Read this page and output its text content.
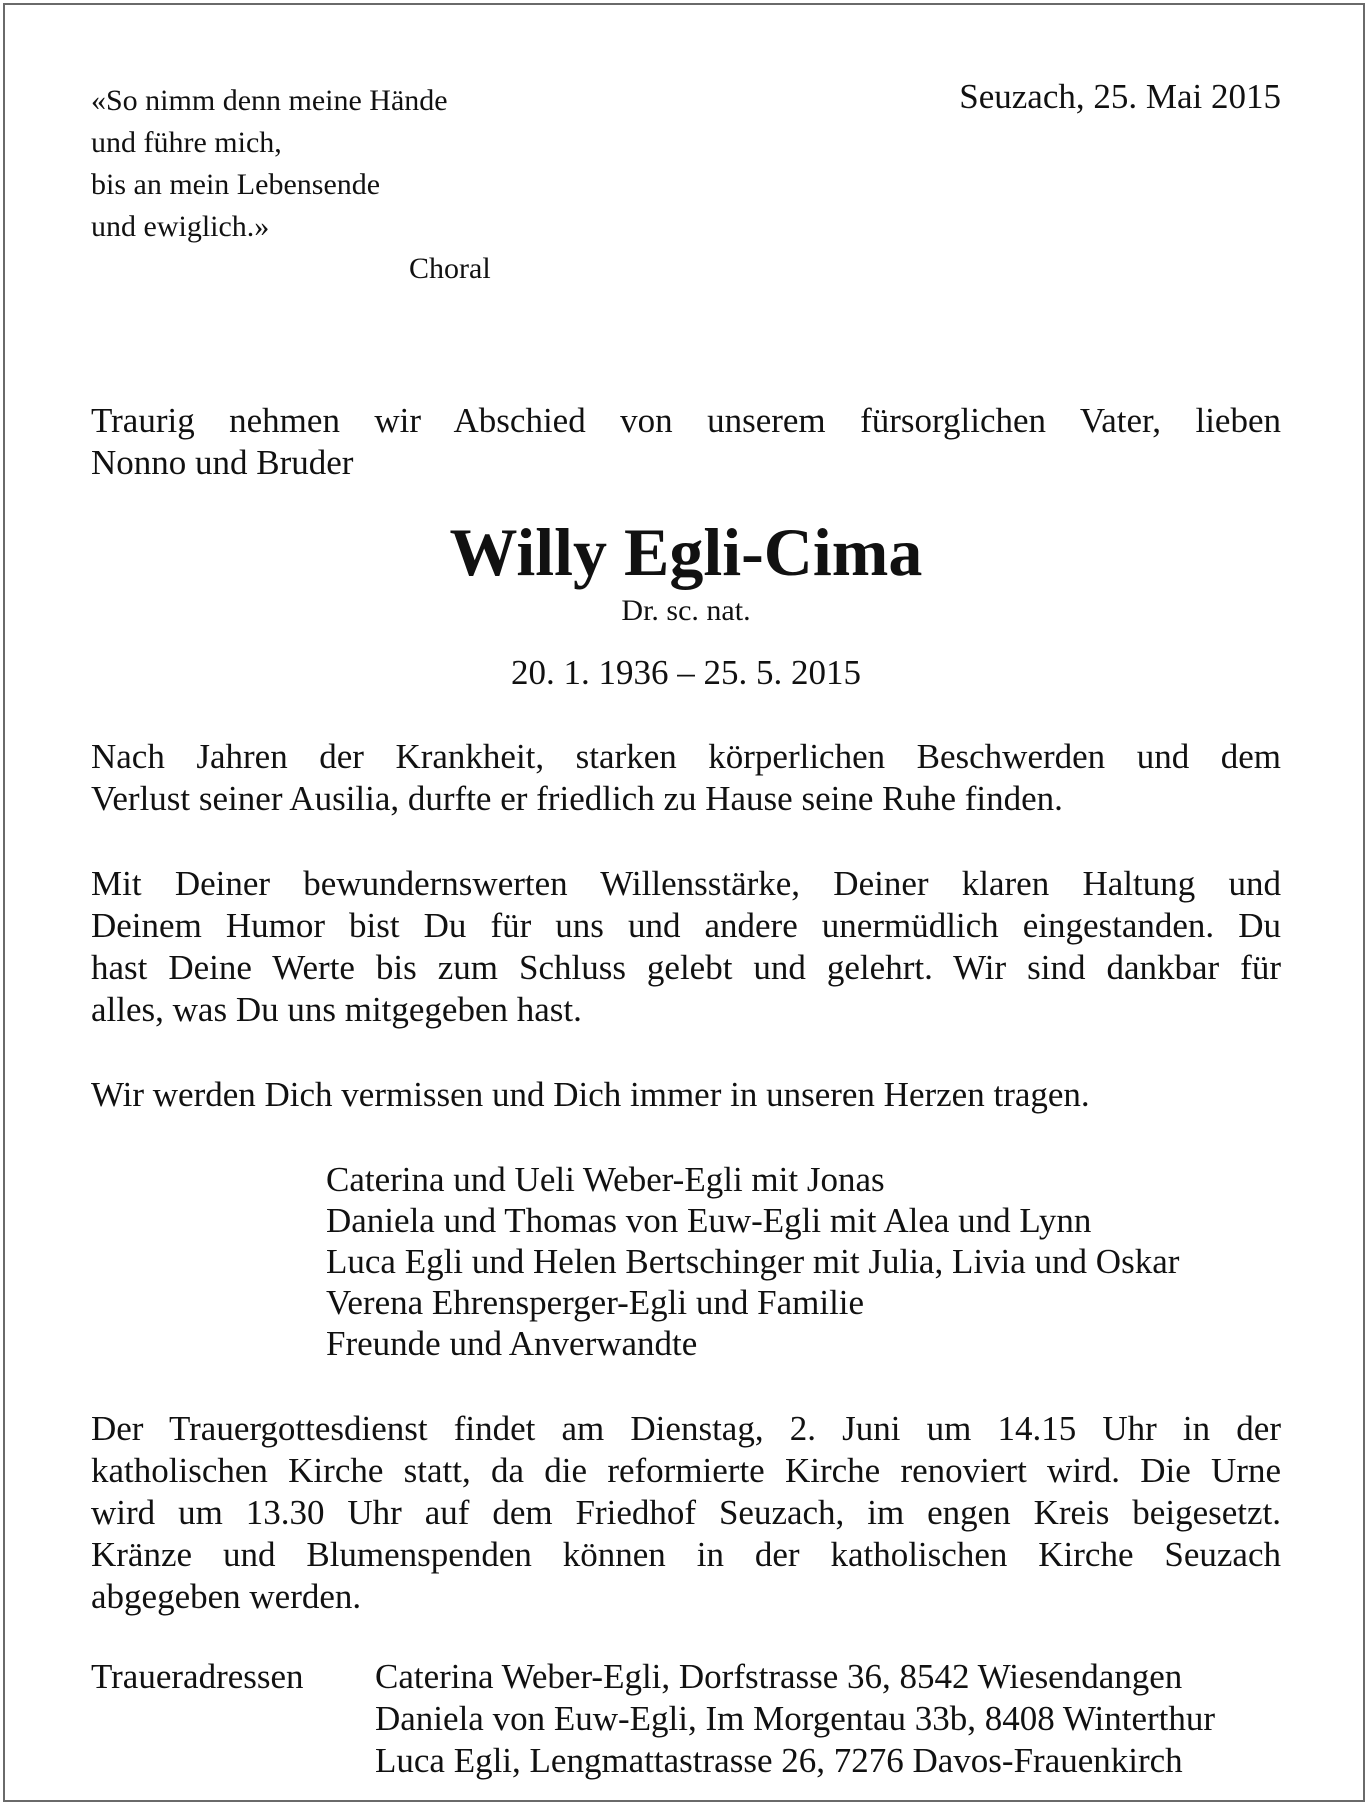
«So nimm denn meine Hände
und führe mich,
bis an mein Lebensende
und ewiglich.»
Choral
Seuzach, 25. Mai 2015
Traurig nehmen wir Abschied von unserem fürsorglichen Vater, lieben
Nonno und Bruder
Willy Egli-Cima
Dr. sc. nat.
20. 1. 1936 – 25. 5. 2015
Nach Jahren der Krankheit, starken körperlichen Beschwerden und dem
Verlust seiner Ausilia, durfte er friedlich zu Hause seine Ruhe finden.
Mit Deiner bewundernswerten Willensstärke, Deiner klaren Haltung und
Deinem Humor bist Du für uns und andere unermüdlich eingestanden. Du
hast Deine Werte bis zum Schluss gelebt und gelehrt. Wir sind dankbar für
alles, was Du uns mitgegeben hast.
Wir werden Dich vermissen und Dich immer in unseren Herzen tragen.
Caterina und Ueli Weber-Egli mit Jonas
Daniela und Thomas von Euw-Egli mit Alea und Lynn
Luca Egli und Helen Bertschinger mit Julia, Livia und Oskar
Verena Ehrensperger-Egli und Familie
Freunde und Anverwandte
Der Trauergottesdienst findet am Dienstag, 2. Juni um 14.15 Uhr in der
katholischen Kirche statt, da die reformierte Kirche renoviert wird. Die Urne
wird um 13.30 Uhr auf dem Friedhof Seuzach, im engen Kreis beigesetzt.
Kränze und Blumenspenden können in der katholischen Kirche Seuzach
abgegeben werden.
Traueradressen Caterina Weber-Egli, Dorfstrasse 36, 8542 Wiesendangen
Daniela von Euw-Egli, Im Morgentau 33b, 8408 Winterthur
Luca Egli, Lengmattastrasse 26, 7276 Davos-Frauenkirch
